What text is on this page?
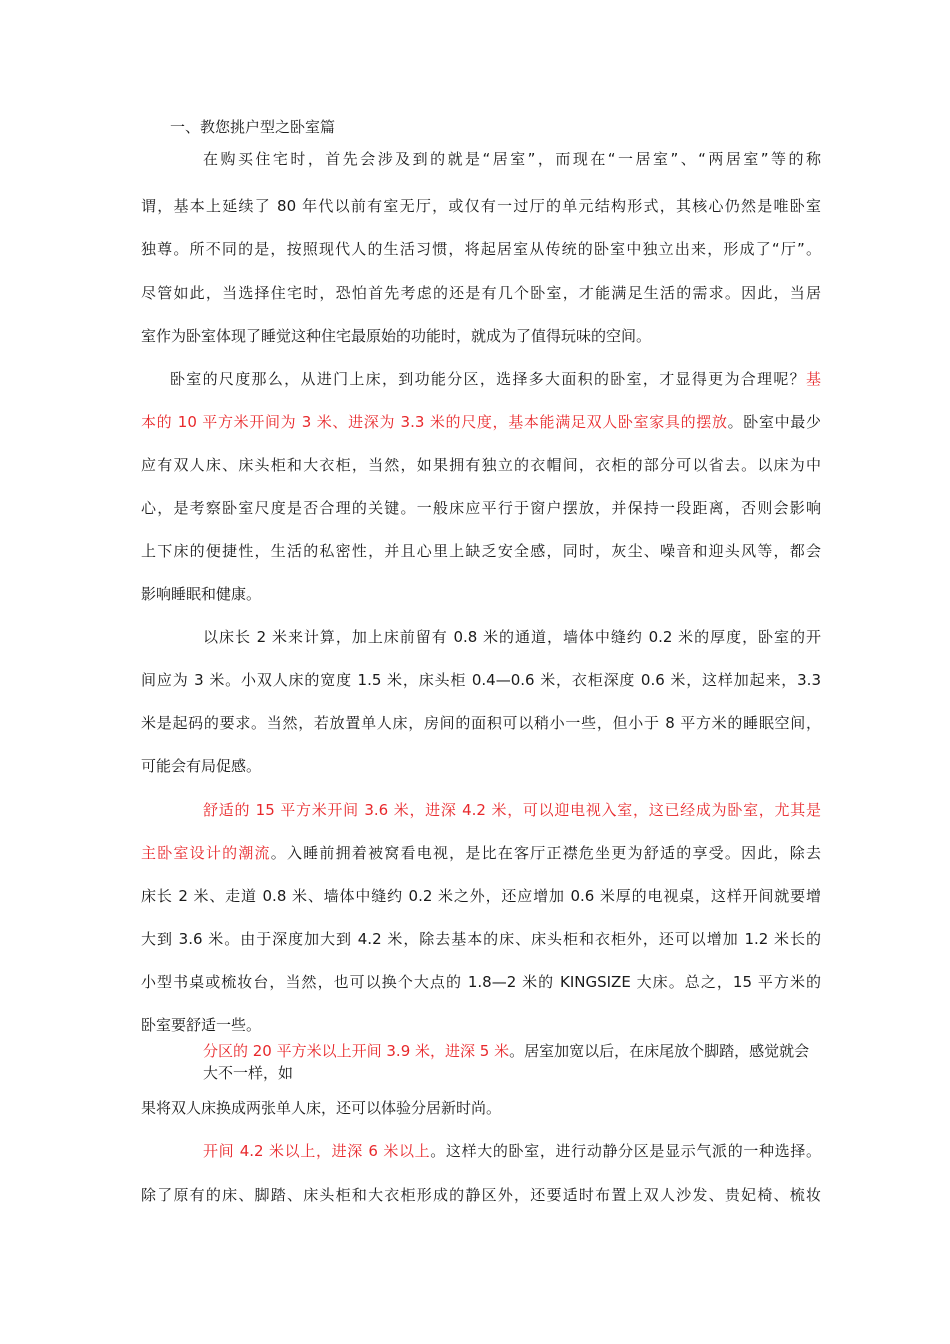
一、教您挑户型之卧室篇
在购买住宅时，首先会涉及到的就是“居室”，而现在“一居室”、“两居室”等的称
谓，基本上延续了 80 年代以前有室无厅，或仅有一过厅的单元结构形式，其核心仍然是唯卧室
独尊。所不同的是，按照现代人的生活习惯，将起居室从传统的卧室中独立出来，形成了“厅”。
尽管如此，当选择住宅时，恐怕首先考虑的还是有几个卧室，才能满足生活的需求。因此，当居
室作为卧室体现了睡觉这种住宅最原始的功能时，就成为了值得玩味的空间。
卧室的尺度那么，从进门上床，到功能分区，选择多大面积的卧室，才显得更为合理呢？基
本的 10 平方米开间为 3 米、进深为 3.3 米的尺度，基本能满足双人卧室家具的摆放。卧室中最少
应有双人床、床头柜和大衣柜，当然，如果拥有独立的衣帽间，衣柜的部分可以省去。以床为中
心，是考察卧室尺度是否合理的关键。一般床应平行于窗户摆放，并保持一段距离，否则会影响
上下床的便捷性，生活的私密性，并且心里上缺乏安全感，同时，灰尘、噪音和迎头风等，都会
影响睡眠和健康。
以床长 2 米来计算，加上床前留有 0.8 米的通道，墙体中缝约 0.2 米的厚度，卧室的开
间应为 3 米。小双人床的宽度 1.5 米，床头柜 0.4—0.6 米，衣柜深度 0.6 米，这样加起来，3.3
米是起码的要求。当然，若放置单人床，房间的面积可以稍小一些，但小于 8 平方米的睡眠空间，
可能会有局促感。
舒适的 15 平方米开间 3.6 米，进深 4.2 米，可以迎电视入室，这已经成为卧室，尤其是
主卧室设计的潮流。入睡前拥着被窝看电视，是比在客厅正襟危坐更为舒适的享受。因此，除去
床长 2 米、走道 0.8 米、墙体中缝约 0.2 米之外，还应增加 0.6 米厚的电视桌，这样开间就要增
大到 3.6 米。由于深度加大到 4.2 米，除去基本的床、床头柜和衣柜外，还可以增加 1.2 米长的
小型书桌或梳妆台，当然，也可以换个大点的 1.8—2 米的 KINGSIZE 大床。总之，15 平方米的
卧室要舒适一些。
分区的 20 平方米以上开间 3.9 米，进深 5 米。居室加宽以后，在床尾放个脚踏，感觉就会大不一样，如
果将双人床换成两张单人床，还可以体验分居新时尚。
开间 4.2 米以上，进深 6 米以上。这样大的卧室，进行动静分区是显示气派的一种选择。
除了原有的床、脚踏、床头柜和大衣柜形成的静区外，还要适时布置上双人沙发、贵妃椅、梳妆
